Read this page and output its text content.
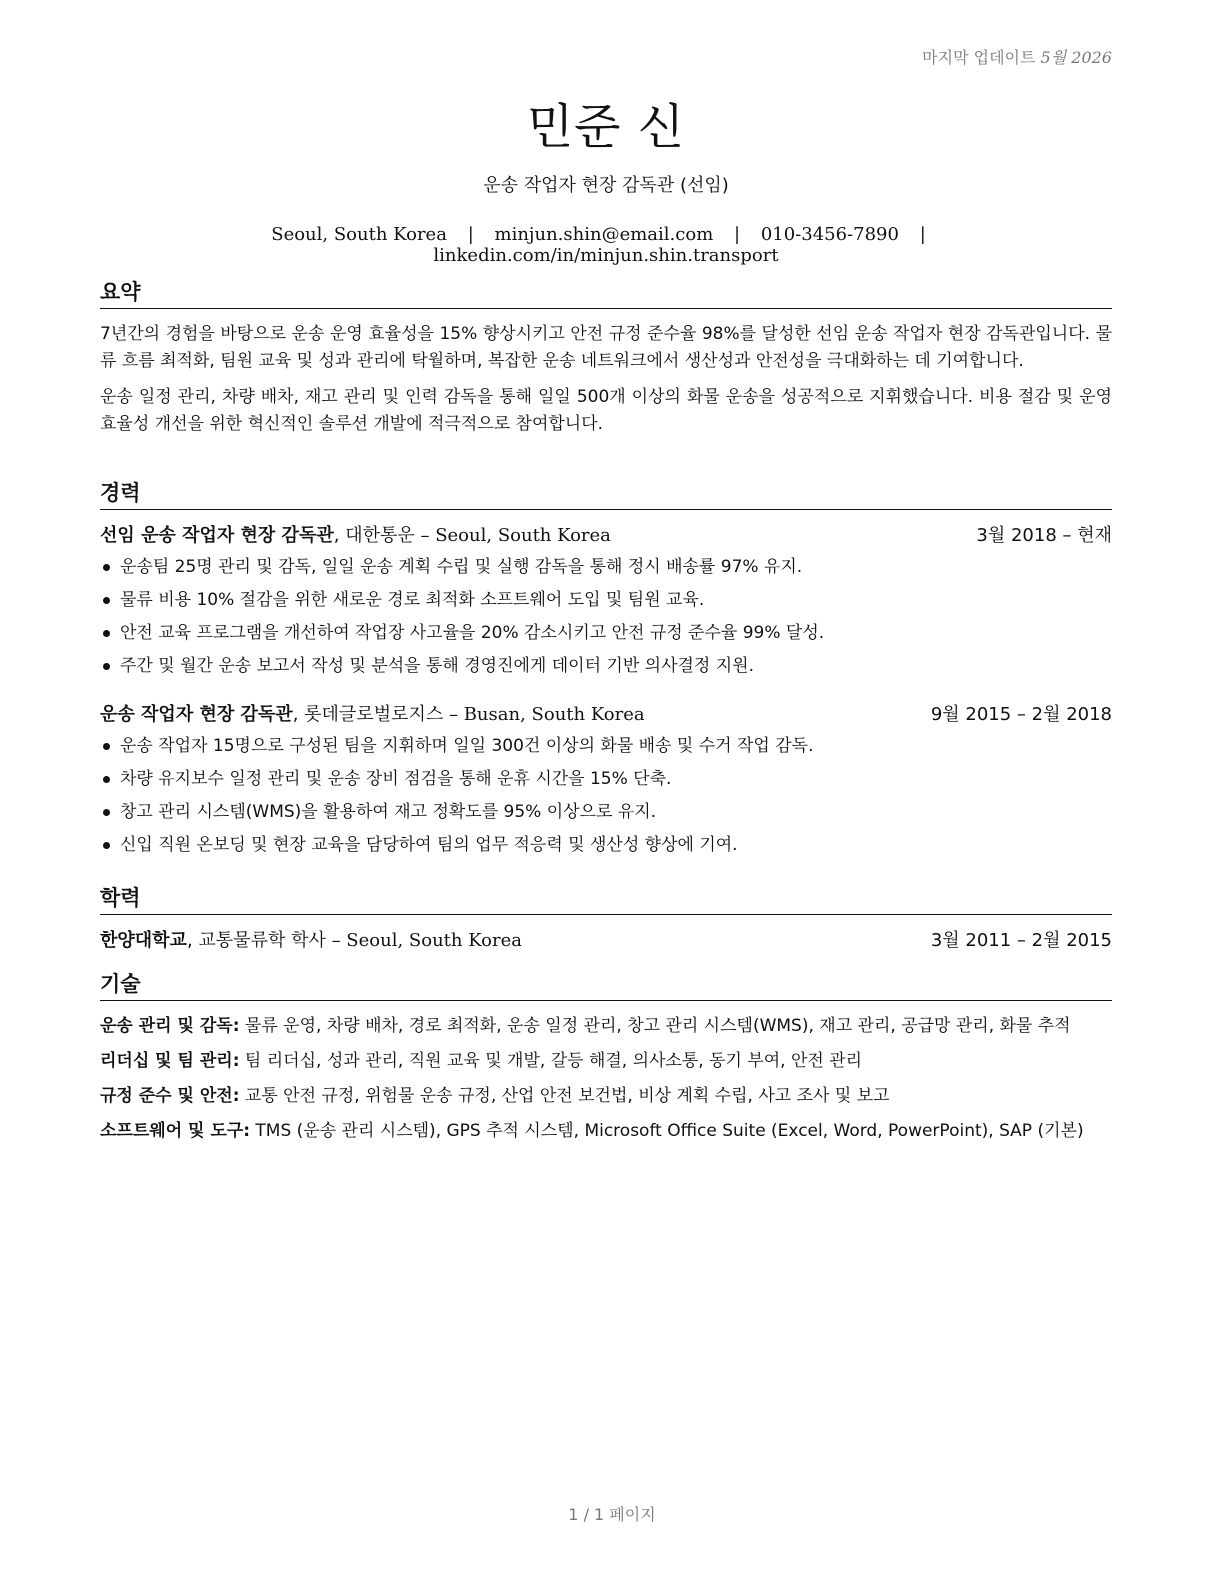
마지막 업데이트 5월 2026
민준 신
운송 작업자 현장 감독관 (선임)
Seoul, South Korea | minjun.shin@email.com | 010-3456-7890 | linkedin.com/in/minjun.shin.transport
요약

7년간의 경험을 바탕으로 운송 운영 효율성을 15% 향상시키고 안전 규정 준수율 98%를 달성한 선임 운송 작업자 현장 감독관입니다. 물류 흐름 최적화, 팀원 교육 및 성과 관리에 탁월하며, 복잡한 운송 네트워크에서 생산성과 안전성을 극대화하는 데 기여합니다.

운송 일정 관리, 차량 배차, 재고 관리 및 인력 감독을 통해 일일 500개 이상의 화물 운송을 성공적으로 지휘했습니다. 비용 절감 및 운영 효율성 개선을 위한 혁신적인 솔루션 개발에 적극적으로 참여합니다.

경력
선임 운송 작업자 현장 감독관, 대한통운 – Seoul, South Korea	3월 2018 – 현재
운송팀 25명 관리 및 감독, 일일 운송 계획 수립 및 실행 감독을 통해 정시 배송률 97% 유지.
물류 비용 10% 절감을 위한 새로운 경로 최적화 소프트웨어 도입 및 팀원 교육.
안전 교육 프로그램을 개선하여 작업장 사고율을 20% 감소시키고 안전 규정 준수율 99% 달성.
주간 및 월간 운송 보고서 작성 및 분석을 통해 경영진에게 데이터 기반 의사결정 지원.
운송 작업자 현장 감독관, 롯데글로벌로지스 – Busan, South Korea	9월 2015 – 2월 2018
운송 작업자 15명으로 구성된 팀을 지휘하며 일일 300건 이상의 화물 배송 및 수거 작업 감독.
차량 유지보수 일정 관리 및 운송 장비 점검을 통해 운휴 시간을 15% 단축.
창고 관리 시스템(WMS)을 활용하여 재고 정확도를 95% 이상으로 유지.
신입 직원 온보딩 및 현장 교육을 담당하여 팀의 업무 적응력 및 생산성 향상에 기여.
학력
한양대학교, 교통물류학 학사 – Seoul, South Korea	3월 2011 – 2월 2015
기술

운송 관리 및 감독: 물류 운영, 차량 배차, 경로 최적화, 운송 일정 관리, 창고 관리 시스템(WMS), 재고 관리, 공급망 관리, 화물 추적

리더십 및 팀 관리: 팀 리더십, 성과 관리, 직원 교육 및 개발, 갈등 해결, 의사소통, 동기 부여, 안전 관리

규정 준수 및 안전: 교통 안전 규정, 위험물 운송 규정, 산업 안전 보건법, 비상 계획 수립, 사고 조사 및 보고

소프트웨어 및 도구: TMS (운송 관리 시스템), GPS 추적 시스템, Microsoft Office Suite (Excel, Word, PowerPoint), SAP (기본)

1 / 1 페이지
